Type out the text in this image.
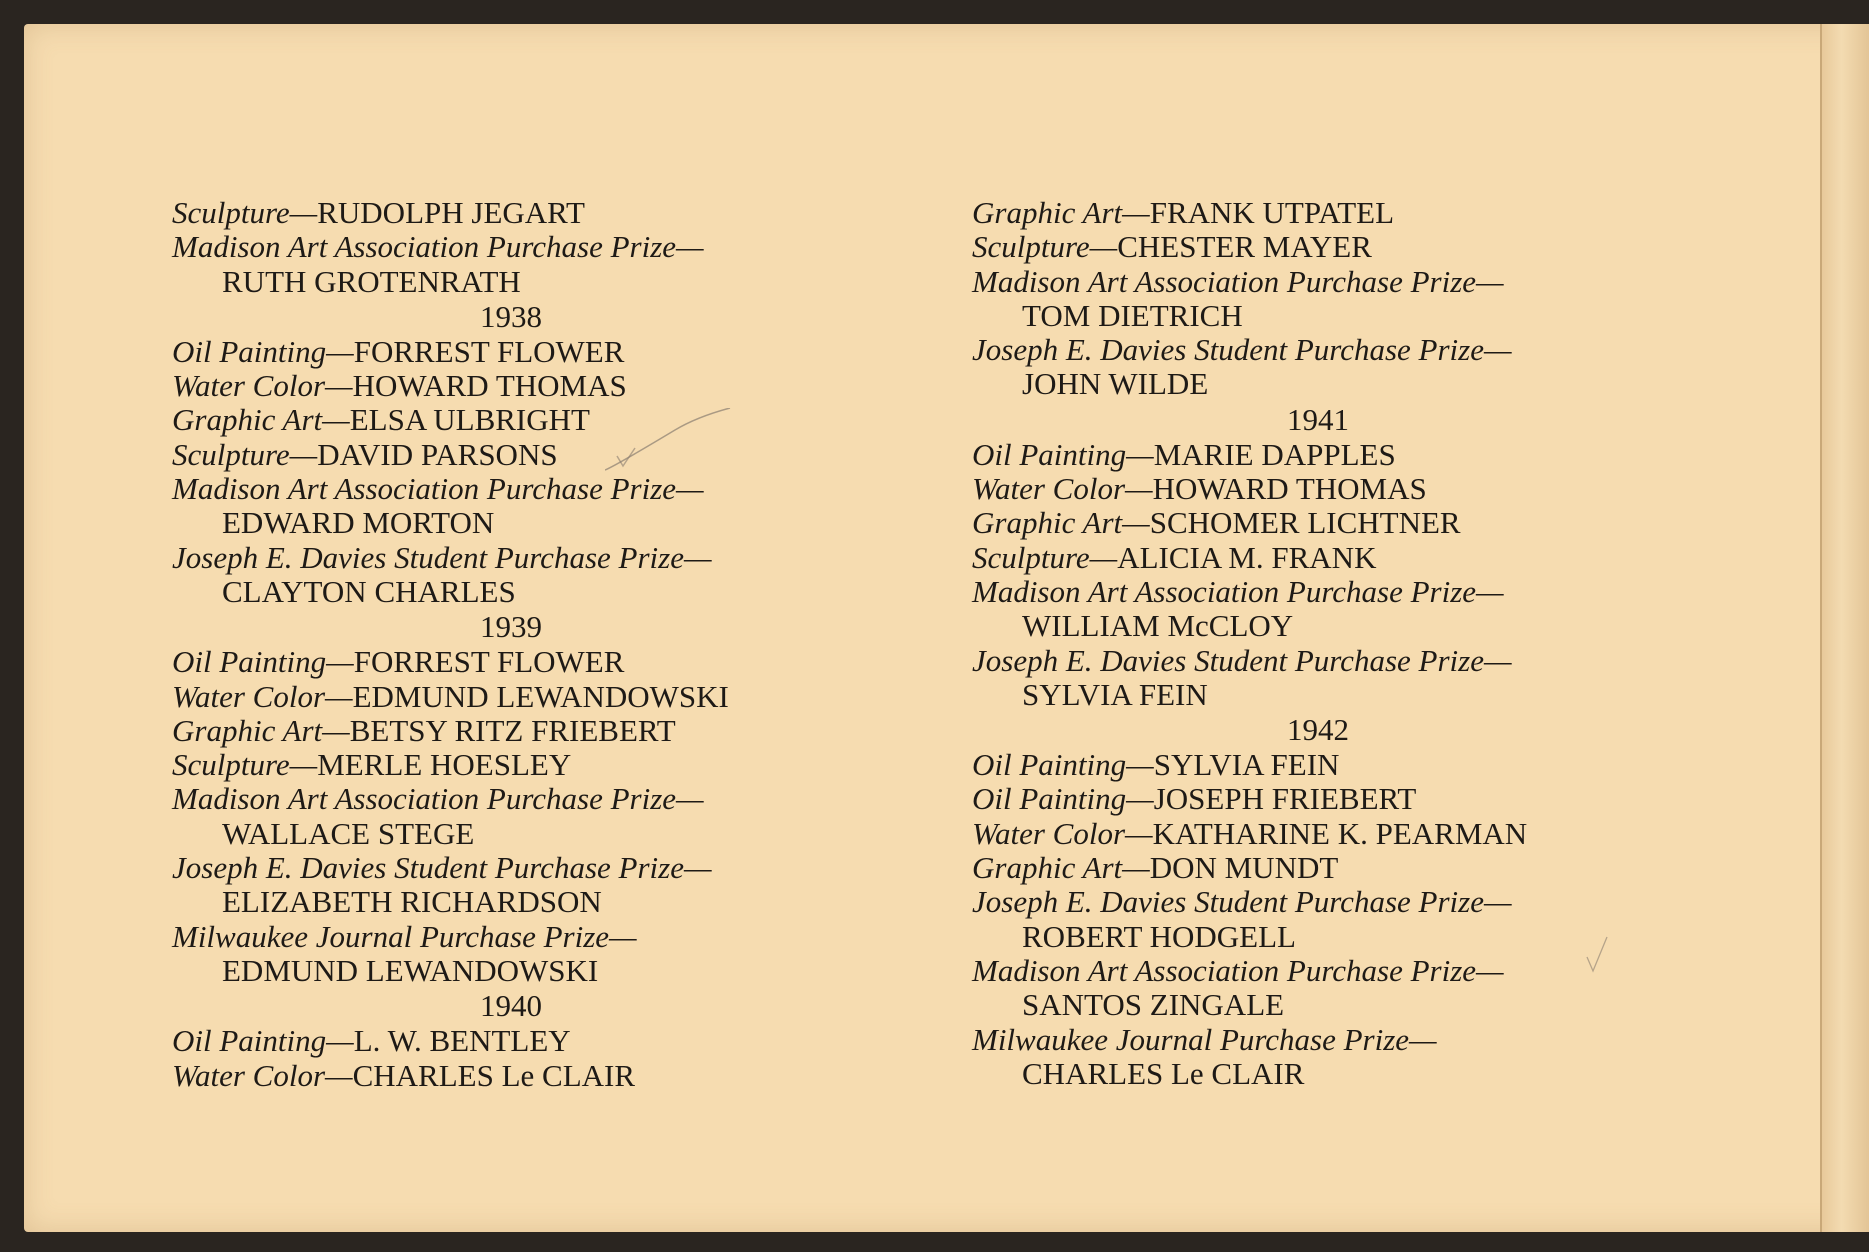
Sculpture—RUDOLPH JEGART
Madison Art Association Purchase Prize—
RUTH GROTENRATH
1938
Oil Painting—FORREST FLOWER
Water Color—HOWARD THOMAS
Graphic Art—ELSA ULBRIGHT
Sculpture—DAVID PARSONS
Madison Art Association Purchase Prize—
EDWARD MORTON
Joseph E. Davies Student Purchase Prize—
CLAYTON CHARLES
1939
Oil Painting—FORREST FLOWER
Water Color—EDMUND LEWANDOWSKI
Graphic Art—BETSY RITZ FRIEBERT
Sculpture—MERLE HOESLEY
Madison Art Association Purchase Prize—
WALLACE STEGE
Joseph E. Davies Student Purchase Prize—
ELIZABETH RICHARDSON
Milwaukee Journal Purchase Prize—
EDMUND LEWANDOWSKI
1940
Oil Painting—L. W. BENTLEY
Water Color—CHARLES Le CLAIR
Graphic Art—FRANK UTPATEL
Sculpture—CHESTER MAYER
Madison Art Association Purchase Prize—
TOM DIETRICH
Joseph E. Davies Student Purchase Prize—
JOHN WILDE
1941
Oil Painting—MARIE DAPPLES
Water Color—HOWARD THOMAS
Graphic Art—SCHOMER LICHTNER
Sculpture—ALICIA M. FRANK
Madison Art Association Purchase Prize—
WILLIAM McCLOY
Joseph E. Davies Student Purchase Prize—
SYLVIA FEIN
1942
Oil Painting—SYLVIA FEIN
Oil Painting—JOSEPH FRIEBERT
Water Color—KATHARINE K. PEARMAN
Graphic Art—DON MUNDT
Joseph E. Davies Student Purchase Prize—
ROBERT HODGELL
Madison Art Association Purchase Prize—
SANTOS ZINGALE
Milwaukee Journal Purchase Prize—
CHARLES Le CLAIR
